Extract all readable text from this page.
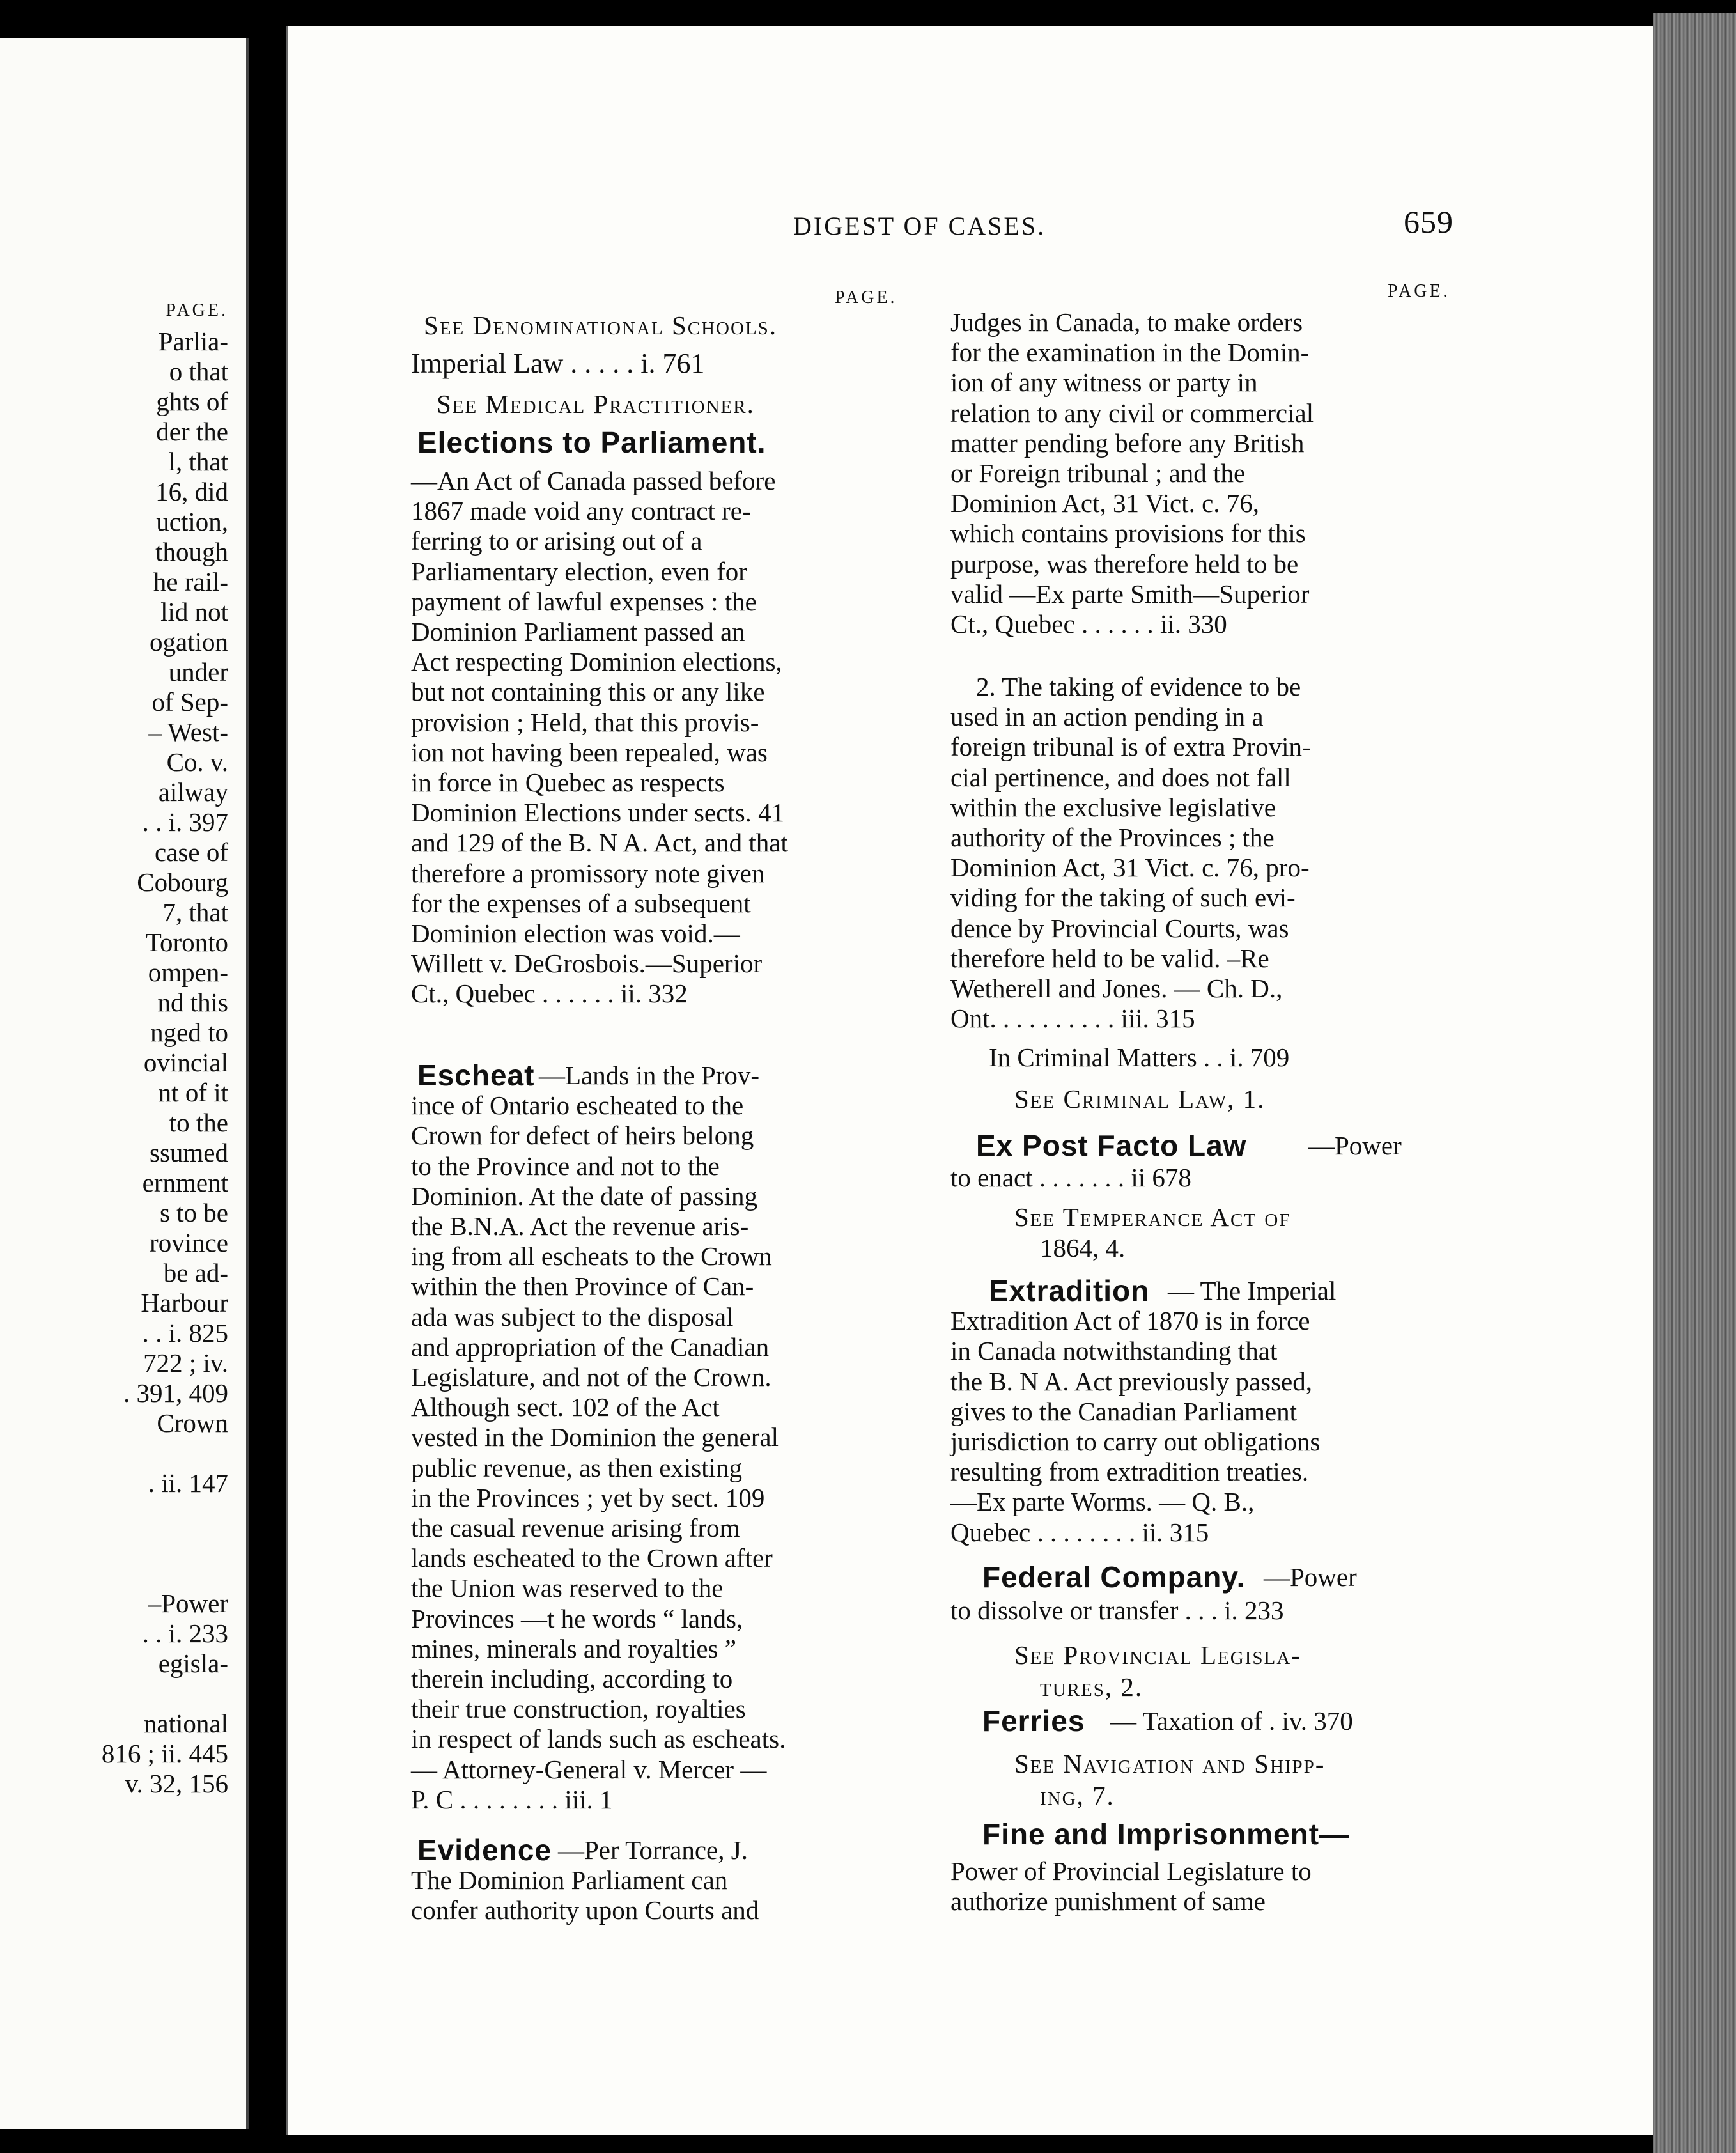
PAGE.
Parlia-
o that
ghts of
der the
l, that
16, did
uction,
though
he rail-
lid not
ogation
under
of Sep-
– West-
Co. v.
ailway
. . i. 397
case of
Cobourg
7, that
Toronto
ompen-
nd this
nged to
ovincial
nt of it
to the
ssumed
ernment
s to be
rovince
be ad-
Harbour
. . i. 825
722 ; iv.
. 391, 409
Crown
. ii. 147
–Power
. . i. 233
egisla-
national
816 ; ii. 445
v. 32, 156
DIGEST OF CASES.	659
PAGE.	PAGE.
See Denominational Schools.
Imperial Law . . . . . i. 761
See Medical Practitioner.
Elections to Parliament.
—An Act of Canada passed before
1867 made void any contract re-
ferring to or arising out of a
Parliamentary election, even for
payment of lawful expenses : the
Dominion Parliament passed an
Act respecting Dominion elections,
but not containing this or any like
provision ; Held, that this provis-
ion not having been repealed, was
in force in Quebec as respects
Dominion Elections under sects. 41
and 129 of the B. N A. Act, and that
therefore a promissory note given
for the expenses of a subsequent
Dominion election was void.—
Willett v. DeGrosbois.—Superior
Ct., Quebec . . . . . . ii. 332
Escheat —Lands in the Prov-
ince of Ontario escheated to the
Crown for defect of heirs belong
to the Province and not to the
Dominion. At the date of passing
the B.N.A. Act the revenue aris-
ing from all escheats to the Crown
within the then Province of Can-
ada was subject to the disposal
and appropriation of the Canadian
Legislature, and not of the Crown.
Although sect. 102 of the Act
vested in the Dominion the general
public revenue, as then existing
in the Provinces ; yet by sect. 109
the casual revenue arising from
lands escheated to the Crown after
the Union was reserved to the
Provinces —t he words “ lands,
mines, minerals and royalties ”
therein including, according to
their true construction, royalties
in respect of lands such as escheats.
— Attorney-General v. Mercer —
P. C . . . . . . . . iii. 1
Evidence —Per Torrance, J.
The Dominion Parliament can
confer authority upon Courts and
Judges in Canada, to make orders
for the examination in the Domin-
ion of any witness or party in
relation to any civil or commercial
matter pending before any British
or Foreign tribunal ; and the
Dominion Act, 31 Vict. c. 76,
which contains provisions for this
purpose, was therefore held to be
valid —Ex parte Smith—Superior
Ct., Quebec . . . . . . ii. 330
2. The taking of evidence to be
used in an action pending in a
foreign tribunal is of extra Provin-
cial pertinence, and does not fall
within the exclusive legislative
authority of the Provinces ; the
Dominion Act, 31 Vict. c. 76, pro-
viding for the taking of such evi-
dence by Provincial Courts, was
therefore held to be valid. –Re
Wetherell and Jones. — Ch. D.,
Ont. . . . . . . . . . iii. 315
In Criminal Matters . . i. 709
See Criminal Law, 1.
Ex Post Facto Law —Power
to enact . . . . . . . ii 678
See Temperance Act of
1864, 4.
Extradition — The Imperial
Extradition Act of 1870 is in force
in Canada notwithstanding that
the B. N A. Act previously passed,
gives to the Canadian Parliament
jurisdiction to carry out obligations
resulting from extradition treaties.
—Ex parte Worms. — Q. B.,
Quebec . . . . . . . . ii. 315
Federal Company. —Power
to dissolve or transfer . . . i. 233
See Provincial Legisla-
tures, 2.
Ferries — Taxation of . iv. 370
See Navigation and Shipp-
ing, 7.
Fine and Imprisonment—
Power of Provincial Legislature to
authorize punishment of same
